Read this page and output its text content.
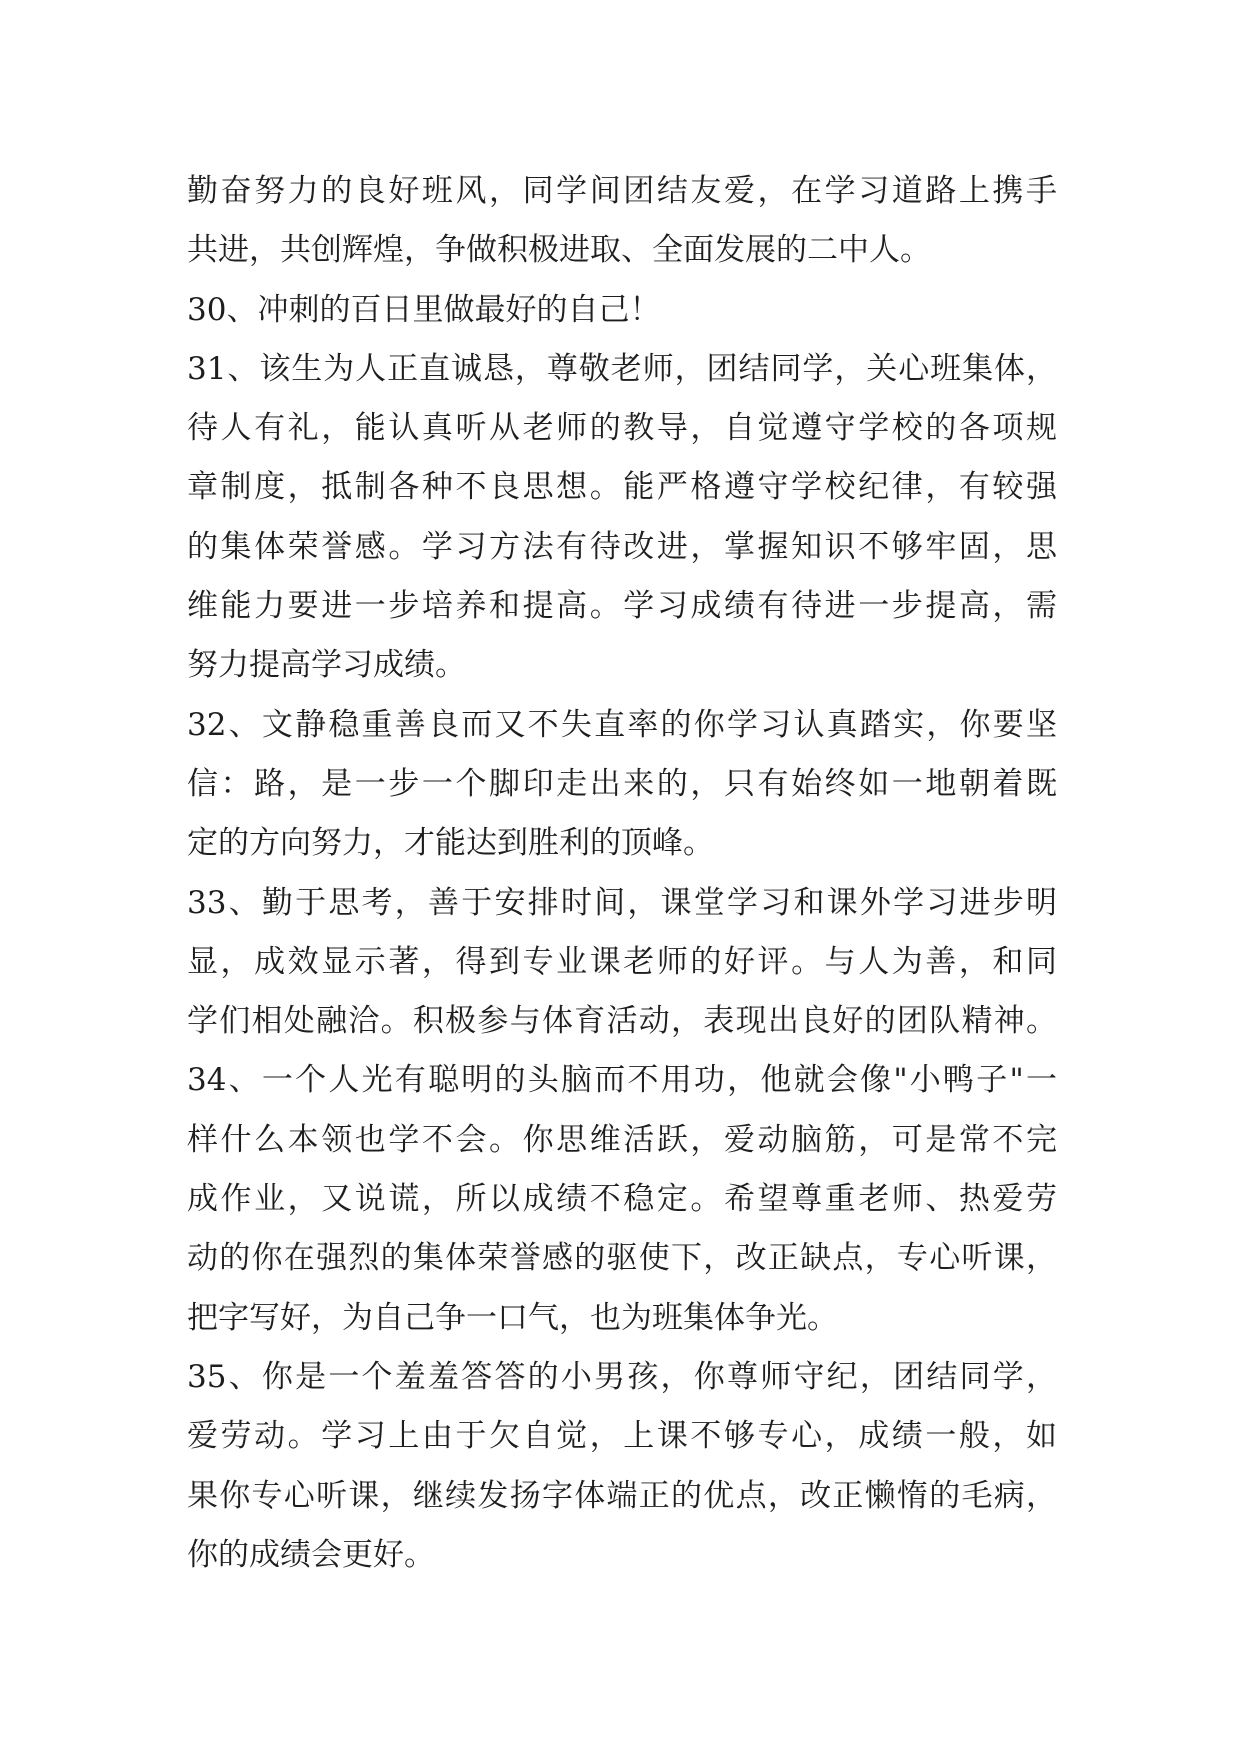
勤奋努力的良好班风，同学间团结友爱，在学习道路上携手
共进，共创辉煌，争做积极进取、全面发展的二中人。
30、冲刺的百日里做最好的自己！
31、该生为人正直诚恳，尊敬老师，团结同学，关心班集体，
待人有礼，能认真听从老师的教导，自觉遵守学校的各项规
章制度，抵制各种不良思想。能严格遵守学校纪律，有较强
的集体荣誉感。学习方法有待改进，掌握知识不够牢固，思
维能力要进一步培养和提高。学习成绩有待进一步提高，需
努力提高学习成绩。
32、文静稳重善良而又不失直率的你学习认真踏实，你要坚
信：路，是一步一个脚印走出来的，只有始终如一地朝着既
定的方向努力，才能达到胜利的顶峰。
33、勤于思考，善于安排时间，课堂学习和课外学习进步明
显，成效显示著，得到专业课老师的好评。与人为善，和同
学们相处融洽。积极参与体育活动，表现出良好的团队精神。
34、一个人光有聪明的头脑而不用功，他就会像"小鸭子"一
样什么本领也学不会。你思维活跃，爱动脑筋，可是常不完
成作业，又说谎，所以成绩不稳定。希望尊重老师、热爱劳
动的你在强烈的集体荣誉感的驱使下，改正缺点，专心听课，
把字写好，为自己争一口气，也为班集体争光。
35、你是一个羞羞答答的小男孩，你尊师守纪，团结同学，
爱劳动。学习上由于欠自觉，上课不够专心，成绩一般，如
果你专心听课，继续发扬字体端正的优点，改正懒惰的毛病，
你的成绩会更好。
